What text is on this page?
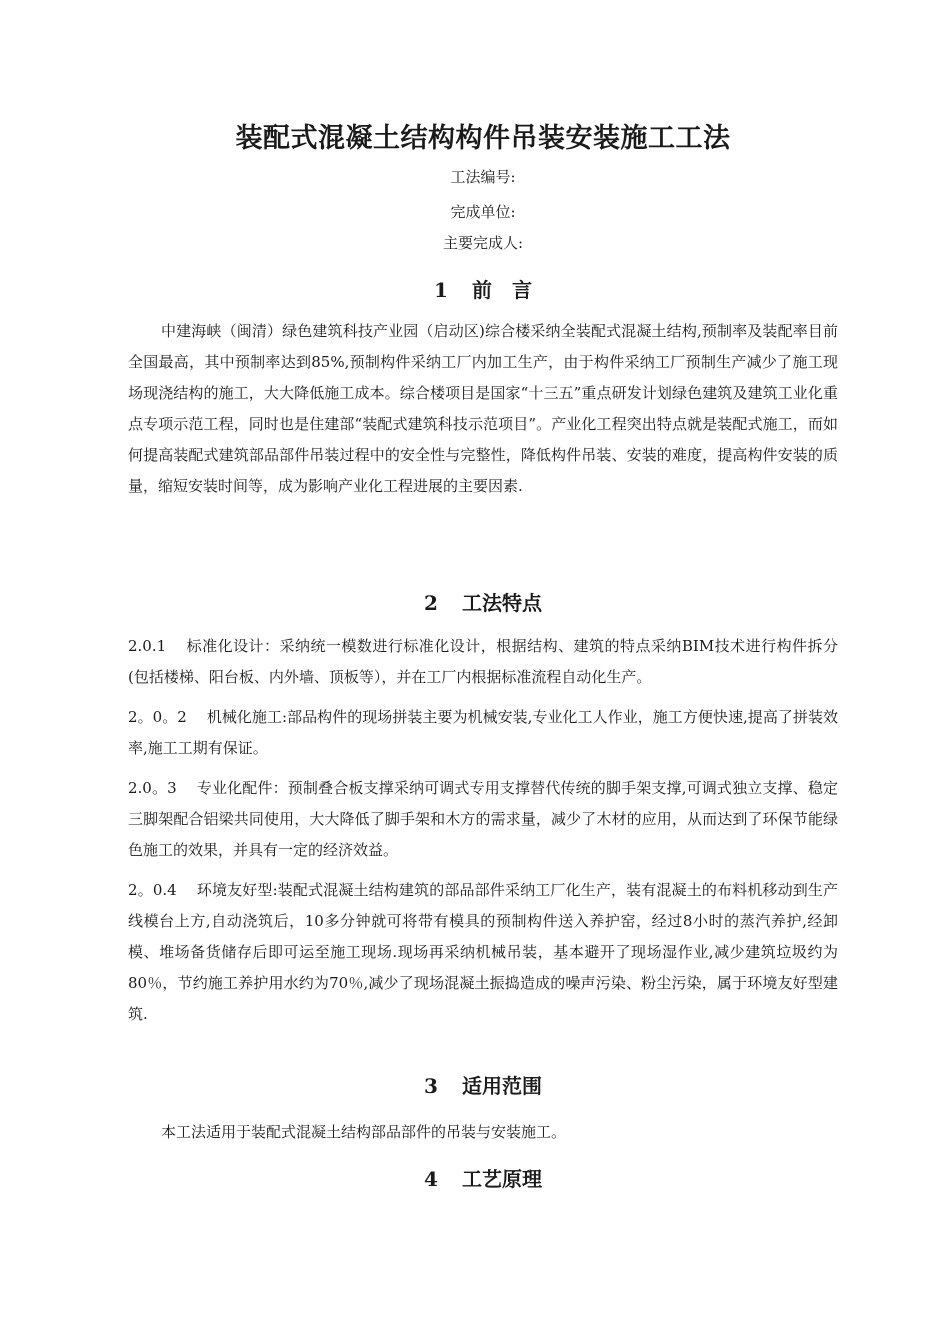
装配式混凝土结构构件吊装安装施工工法
工法编号:
完成单位:
主要完成人:
1 前　言
中建海峡（闽清）绿色建筑科技产业园（启动区)综合楼采纳全装配式混凝土结构,预制率及装配率目前全国最高，其中预制率达到85%,预制构件采纳工厂内加工生产，由于构件采纳工厂预制生产减少了施工现场现浇结构的施工，大大降低施工成本。综合楼项目是国家“十三五”重点研发计划绿色建筑及建筑工业化重点专项示范工程，同时也是住建部“装配式建筑科技示范项目”。产业化工程突出特点就是装配式施工，而如何提高装配式建筑部品部件吊装过程中的安全性与完整性，降低构件吊装、安装的难度，提高构件安装的质量，缩短安装时间等，成为影响产业化工程进展的主要因素.
2 工法特点
2.0.1 标准化设计：采纳统一模数进行标准化设计，根据结构、建筑的特点采纳BIM技术进行构件拆分(包括楼梯、阳台板、内外墙、顶板等），并在工厂内根据标准流程自动化生产。
2。0。2 机械化施工:部品构件的现场拼装主要为机械安装,专业化工人作业，施工方便快速,提高了拼装效率,施工工期有保证。
2.0。3 专业化配件：预制叠合板支撑采纳可调式专用支撑替代传统的脚手架支撑,可调式独立支撑、稳定三脚架配合铝梁共同使用，大大降低了脚手架和木方的需求量，减少了木材的应用，从而达到了环保节能绿色施工的效果，并具有一定的经济效益。
2。0.4 环境友好型:装配式混凝土结构建筑的部品部件采纳工厂化生产，装有混凝土的布料机移动到生产线模台上方,自动浇筑后，10多分钟就可将带有模具的预制构件送入养护窑，经过8小时的蒸汽养护,经卸模、堆场备货储存后即可运至施工现场.现场再采纳机械吊装，基本避开了现场湿作业,减少建筑垃圾约为80％，节约施工养护用水约为70％,减少了现场混凝土振捣造成的噪声污染、粉尘污染，属于环境友好型建筑.
3 适用范围
本工法适用于装配式混凝土结构部品部件的吊装与安装施工。
4 工艺原理
